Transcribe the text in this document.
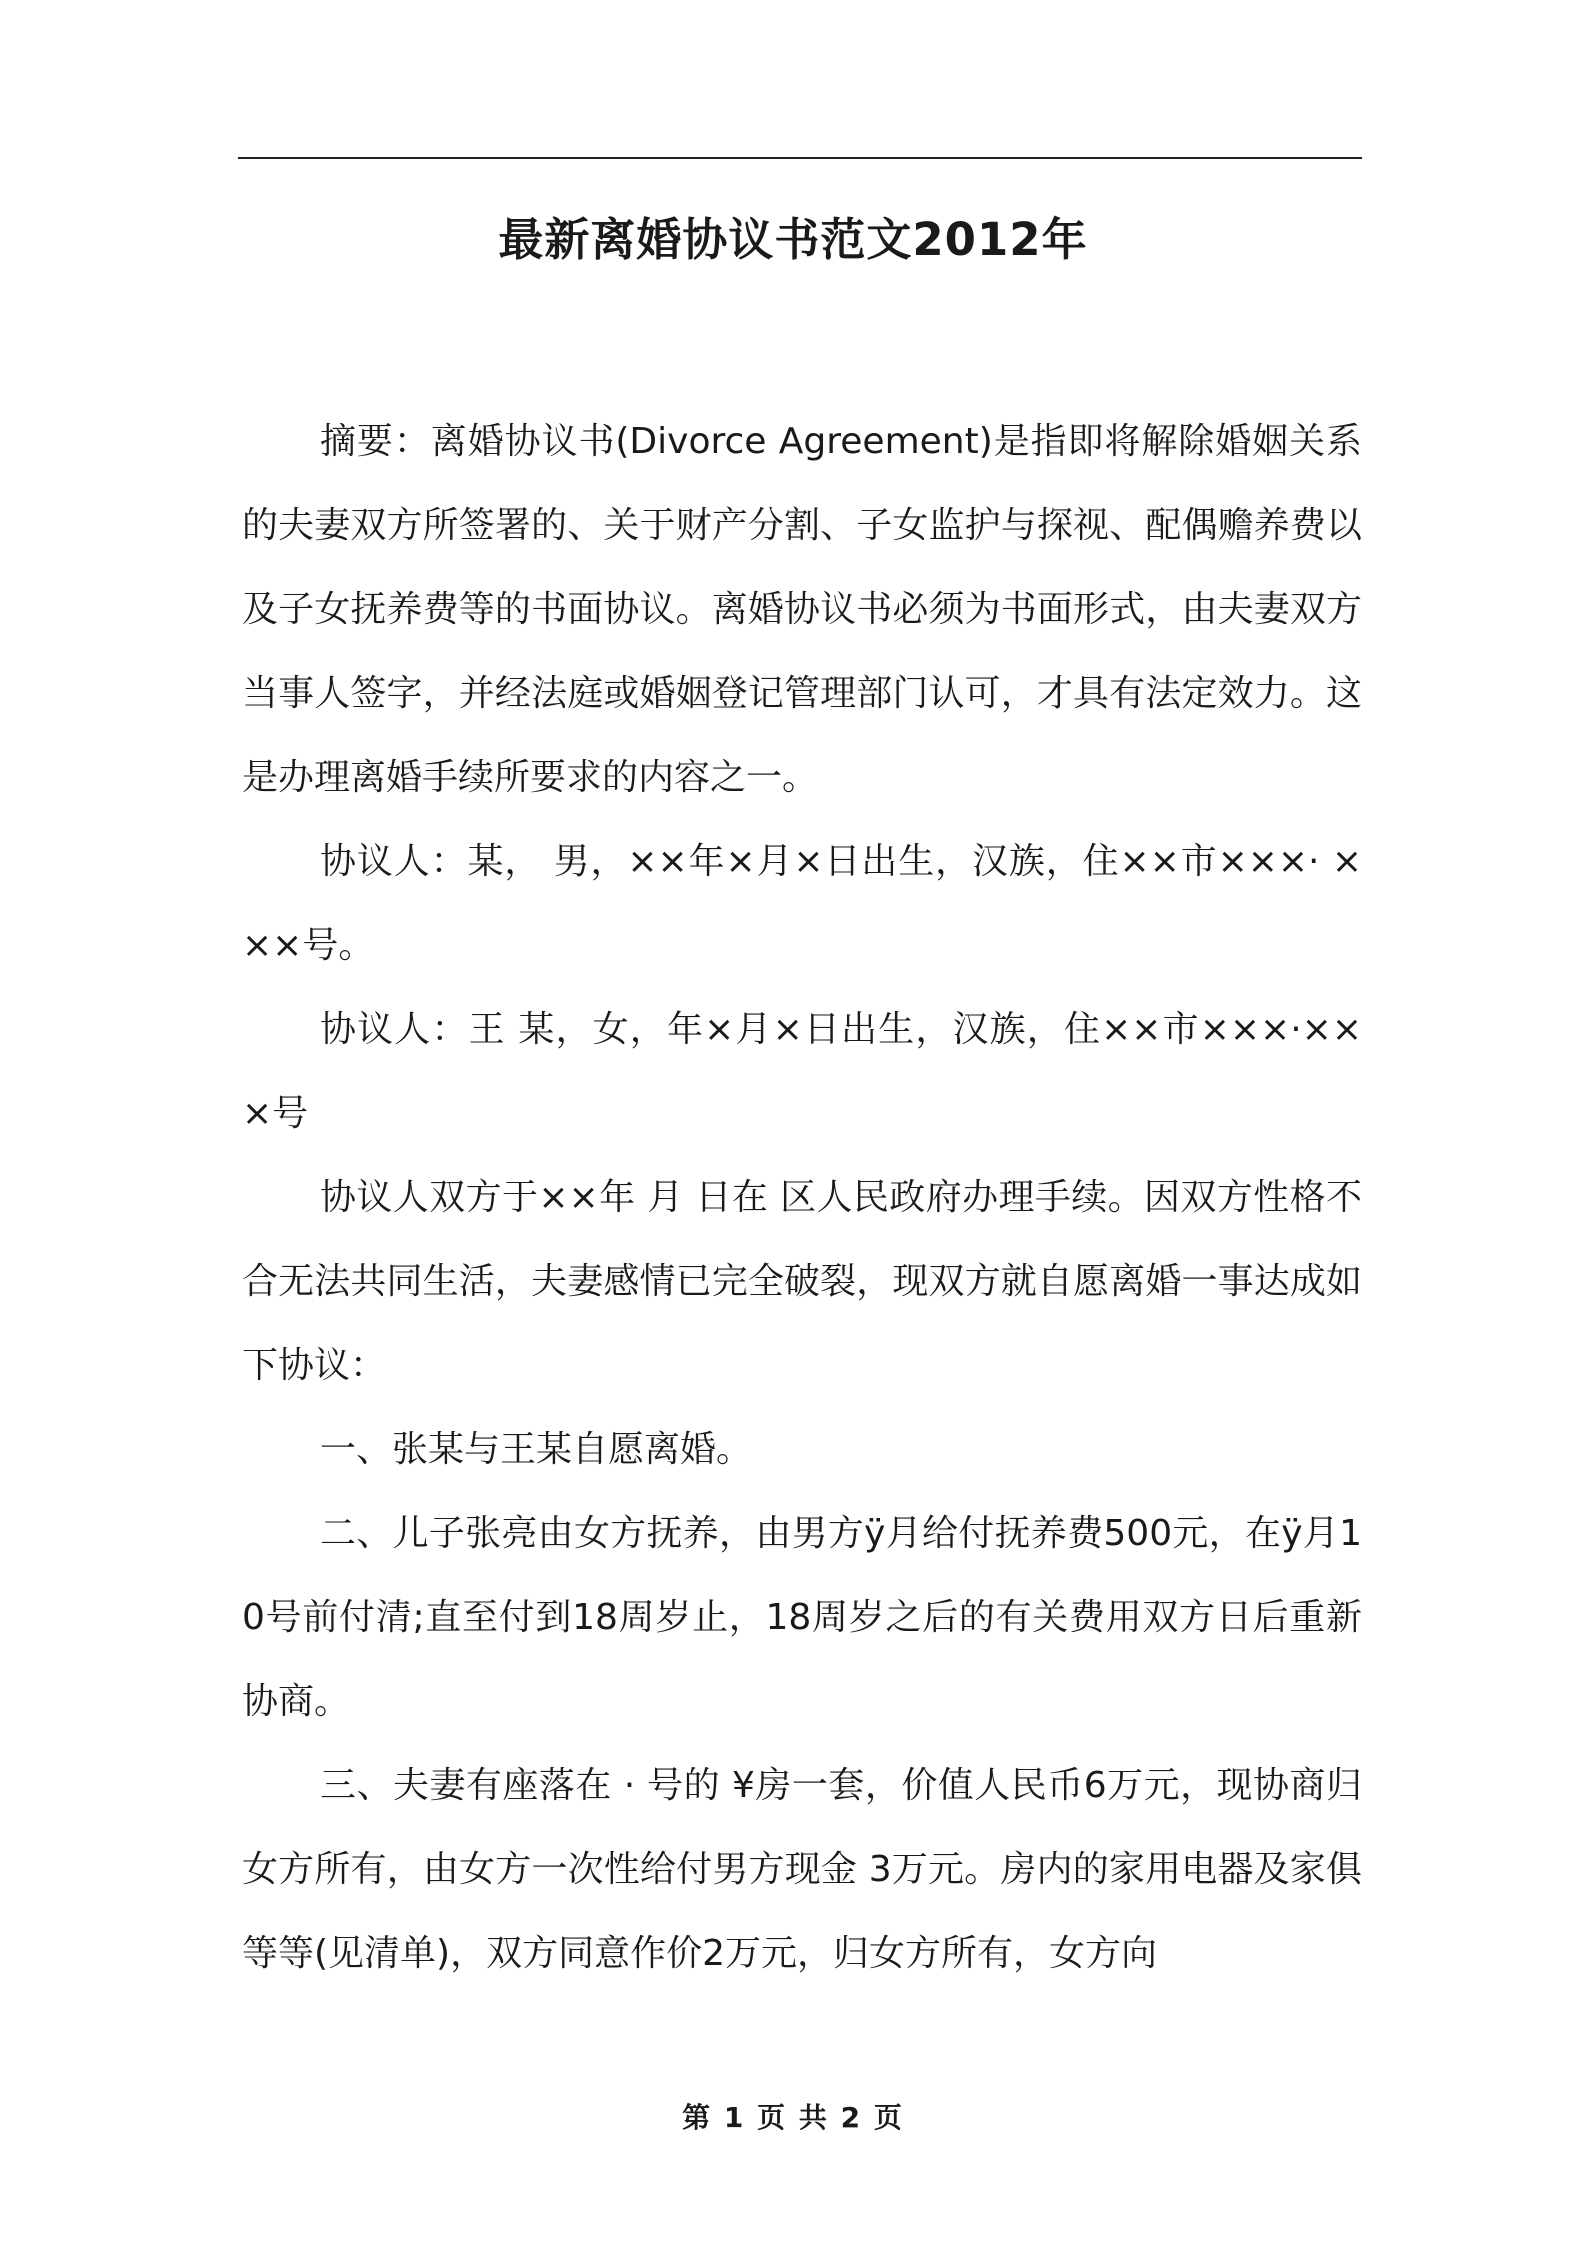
最新离婚协议书范文2012年

摘要：离婚协议书(Divorce Agreement)是指即将解除婚姻关系的夫妻双方所签署的、关于财产分割、子女监护与探视、配偶赡养费以及子女抚养费等的书面协议。离婚协议书必须为书面形式，由夫妻双方当事人签字，并经法庭或婚姻登记管理部门认可，才具有法定效力。这是办理离婚手续所要求的内容之一。

协议人：某， 男，××年×月×日出生，汉族，住××市×××· ×××号。

协议人：王 某，女，年×月×日出生，汉族，住××市×××·×××号

协议人双方于××年 月 日在 区人民政府办理手续。因双方性格不合无法共同生活，夫妻感情已完全破裂，现双方就自愿离婚一事达成如下协议：

一、张某与王某自愿离婚。

二、儿子张亮由女方抚养，由男方ÿ月给付抚养费500元，在ÿ月10号前付清;直至付到18周岁止，18周岁之后的有关费用双方日后重新协商。

三、夫妻有座落在 · 号的 ¥房一套，价值人民币6万元，现协商归女方所有，由女方一次性给付男方现金 3万元。房内的家用电器及家俱等等(见清单)，双方同意作价2万元，归女方所有，女方向

第 1 页 共 2 页
